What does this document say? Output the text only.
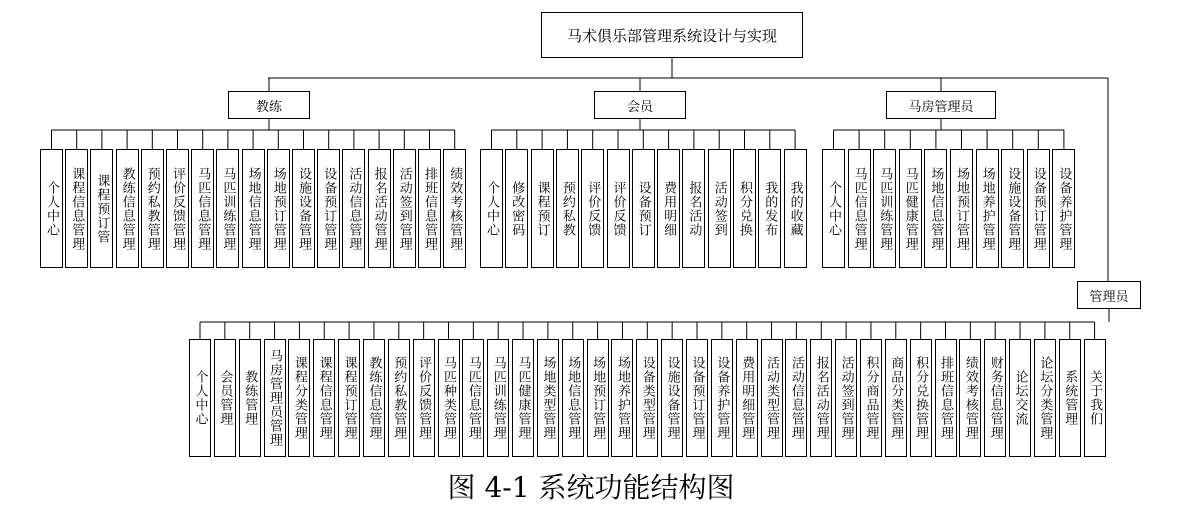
马术俱乐部管理系统设计与实现
教练
个人中心 课程信息管理 课程预订管 教练信息管理 预约私教管理 评价反馈管理 马匹信息管理 马匹训练管理 场地信息管理 场地预订管理 设施设备管理 设备预订管理 活动信息管理 报名活动管理 活动签到管理 排班信息管理 绩效考核管理
会员
个人中心 修改密码 课程预订 预约私教 评价反馈 评价反馈 设备预订 费用明细 报名活动 活动签到 积分兑换 我的发布 我的收藏
马房管理员
个人中心 马匹信息管理 马匹训练管理 马匹健康管理 场地信息管理 场地预订管理 场地养护管理 设施设备管理 设备预订管理 设备养护管理
管理员
个人中心 会员管理 教练管理 马房管理员管理 课程分类管理 课程信息管理 课程预订管理 教练信息管理 预约私教管理 评价反馈管理 马匹种类管理 马匹信息管理 马匹训练管理 马匹健康管理 场地类型管理 场地信息管理 场地预订管理 场地养护管理 设备类型管理 设施设备管理 设备预订管理 设备养护管理 费用明细管理 活动类型管理 活动信息管理 报名活动管理 活动签到管理 积分商品管理 商品分类管理 积分兑换管理 排班信息管理 绩效考核管理 财务信息管理 论坛交流 论坛分类管理 系统管理 关于我们
图 4-1 系统功能结构图
